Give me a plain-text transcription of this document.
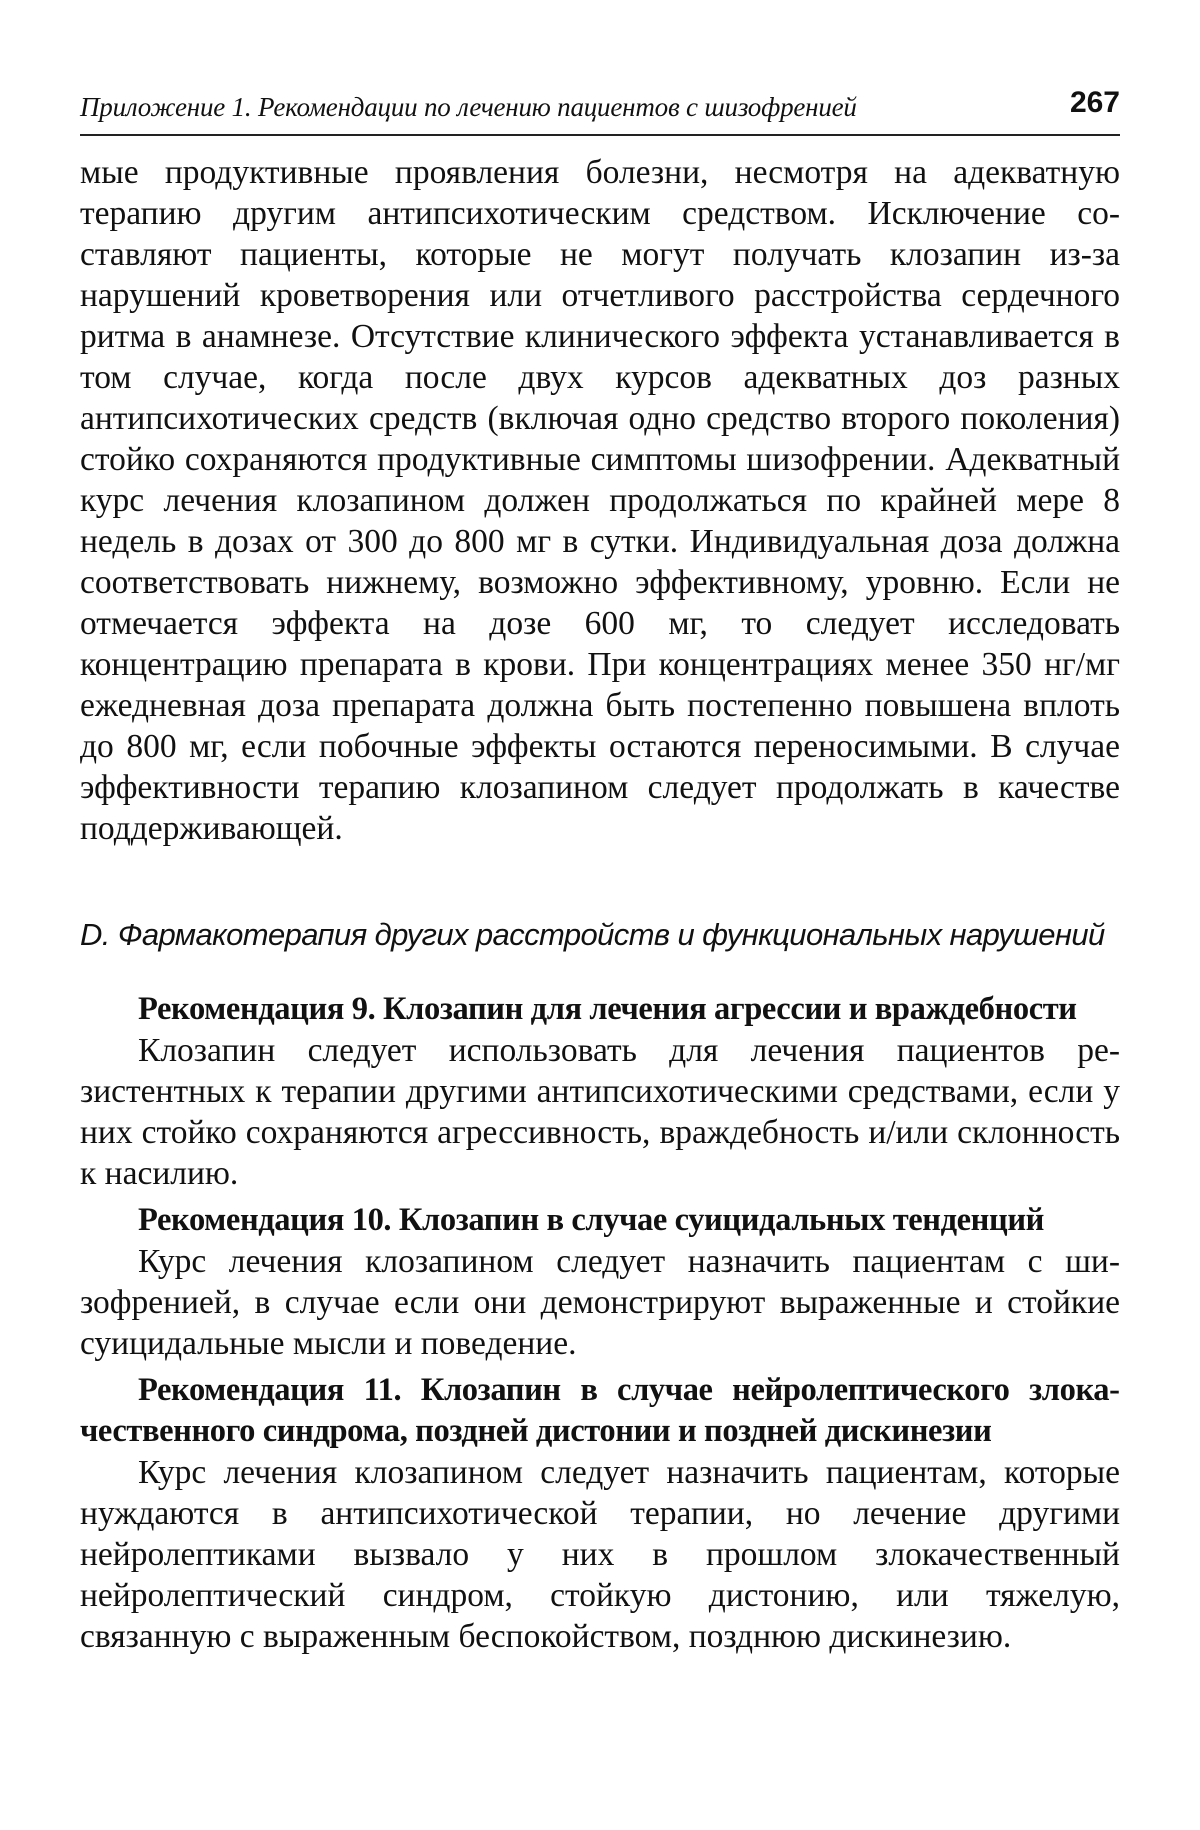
Приложение 1. Рекомендации по лечению пациентов с шизофренией	267

мые продуктивные проявления болезни, несмотря на адекватную терапию другим антипсихотическим средством. Исключение составляют пациенты, которые не могут получать клозапин из-за нарушений кроветворения или отчетливого расстройства сердечного ритма в анамнезе. Отсутствие клинического эффекта устанавливается в том случае, когда после двух курсов адекватных доз разных антипсихотических средств (включая одно средство второго поколения) стойко сохраняются продуктивные симптомы шизофрении. Адекватный курс лечения клозапином должен продолжаться по крайней мере 8 недель в дозах от 300 до 800 мг в сутки. Индивидуальная доза должна соответствовать нижнему, возможно эффективному, уровню. Если не отмечается эффекта на дозе 600 мг, то следует исследовать концентрацию препарата в крови. При концентрациях менее 350 нг/мг ежедневная доза препарата должна быть постепенно повышена вплоть до 800 мг, если побочные эффекты остаются переносимыми. В случае эффективности терапию клозапином следует продолжать в качестве поддерживающей.

D. Фармакотерапия других расстройств и функциональных нарушений
Рекомендация 9. Клозапин для лечения агрессии и враждебности

Клозапин следует использовать для лечения пациентов резистентных к терапии другими антипсихотическими средствами, если у них стойко сохраняются агрессивность, враждебность и/или склонность к насилию.

Рекомендация 10. Клозапин в случае суицидальных тенденций

Курс лечения клозапином следует назначить пациентам с шизофренией, в случае если они демонстрируют выраженные и стойкие суицидальные мысли и поведение.

Рекомендация 11. Клозапин в случае нейролептического злокачественного синдрома, поздней дистонии и поздней дискинезии

Курс лечения клозапином следует назначить пациентам, которые нуждаются в антипсихотической терапии, но лечение другими нейролептиками вызвало у них в прошлом злокачественный нейролептический синдром, стойкую дистонию, или тяжелую, связанную с выраженным беспокойством, позднюю дискинезию.
